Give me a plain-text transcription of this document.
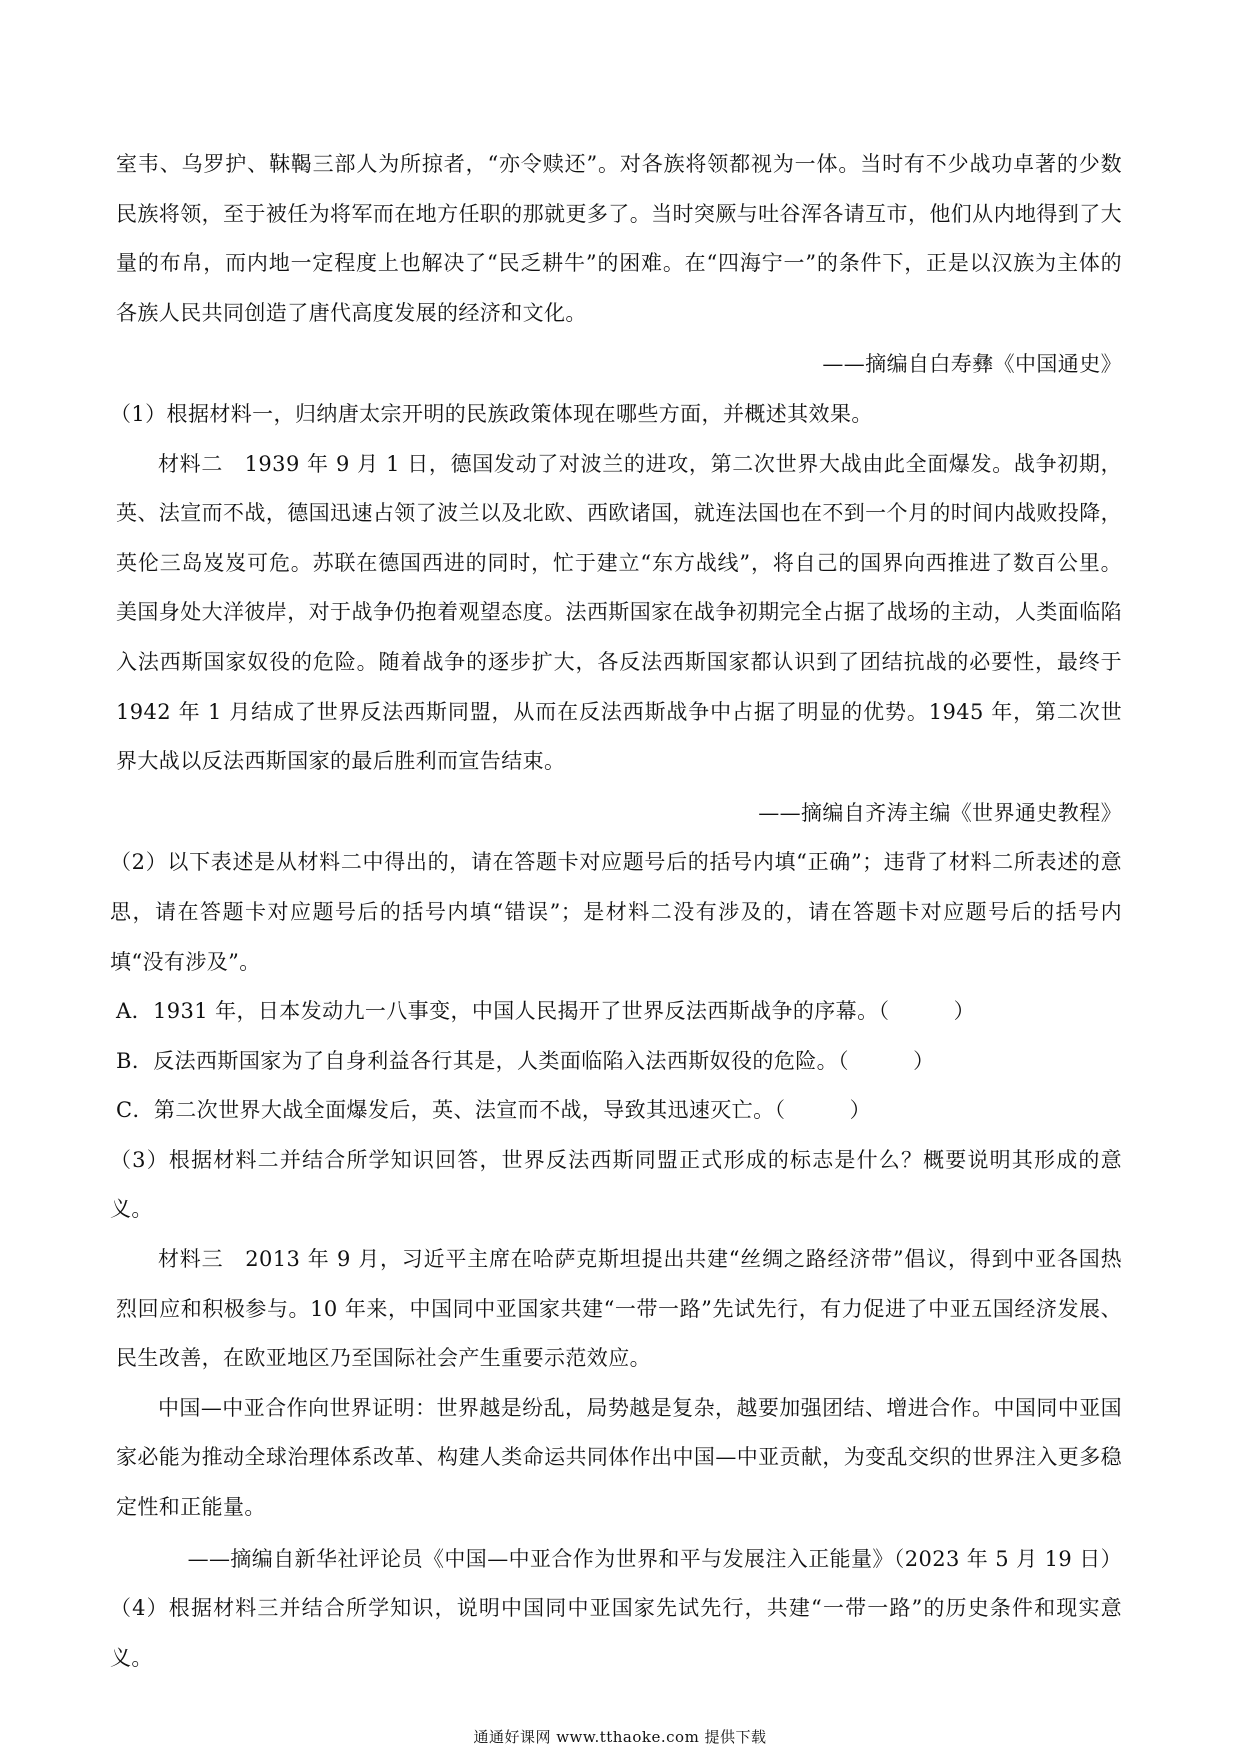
室韦、乌罗护、靺鞨三部人为所掠者，“亦令赎还”。对各族将领都视为一体。当时有不少战功卓著的少数民族将领，至于被任为将军而在地方任职的那就更多了。当时突厥与吐谷浑各请互市，他们从内地得到了大量的布帛，而内地一定程度上也解决了“民乏耕牛”的困难。在“四海宁一”的条件下，正是以汉族为主体的各族人民共同创造了唐代高度发展的经济和文化。

——摘编自白寿彝《中国通史》

（1）根据材料一，归纳唐太宗开明的民族政策体现在哪些方面，并概述其效果。

材料二　1939 年 9 月 1 日，德国发动了对波兰的进攻，第二次世界大战由此全面爆发。战争初期，英、法宣而不战，德国迅速占领了波兰以及北欧、西欧诸国，就连法国也在不到一个月的时间内战败投降，英伦三岛岌岌可危。苏联在德国西进的同时，忙于建立“东方战线”，将自己的国界向西推进了数百公里。美国身处大洋彼岸，对于战争仍抱着观望态度。法西斯国家在战争初期完全占据了战场的主动，人类面临陷入法西斯国家奴役的危险。随着战争的逐步扩大，各反法西斯国家都认识到了团结抗战的必要性，最终于 1942 年 1 月结成了世界反法西斯同盟，从而在反法西斯战争中占据了明显的优势。1945 年，第二次世界大战以反法西斯国家的最后胜利而宣告结束。

——摘编自齐涛主编《世界通史教程》

（2）以下表述是从材料二中得出的，请在答题卡对应题号后的括号内填“正确”；违背了材料二所表述的意思，请在答题卡对应题号后的括号内填“错误”；是材料二没有涉及的，请在答题卡对应题号后的括号内填“没有涉及”。

A．1931 年，日本发动九一八事变，中国人民揭开了世界反法西斯战争的序幕。（　　　）

B．反法西斯国家为了自身利益各行其是，人类面临陷入法西斯奴役的危险。（　　　）

C．第二次世界大战全面爆发后，英、法宣而不战，导致其迅速灭亡。（　　　）

（3）根据材料二并结合所学知识回答，世界反法西斯同盟正式形成的标志是什么？概要说明其形成的意义。

材料三　2013 年 9 月，习近平主席在哈萨克斯坦提出共建“丝绸之路经济带”倡议，得到中亚各国热烈回应和积极参与。10 年来，中国同中亚国家共建“一带一路”先试先行，有力促进了中亚五国经济发展、民生改善，在欧亚地区乃至国际社会产生重要示范效应。

中国—中亚合作向世界证明：世界越是纷乱，局势越是复杂，越要加强团结、增进合作。中国同中亚国家必能为推动全球治理体系改革、构建人类命运共同体作出中国—中亚贡献，为变乱交织的世界注入更多稳定性和正能量。

——摘编自新华社评论员《中国—中亚合作为世界和平与发展注入正能量》（2023 年 5 月 19 日）

（4）根据材料三并结合所学知识，说明中国同中亚国家先试先行，共建“一带一路”的历史条件和现实意义。

通通好课网 www.tthaoke.com 提供下载
